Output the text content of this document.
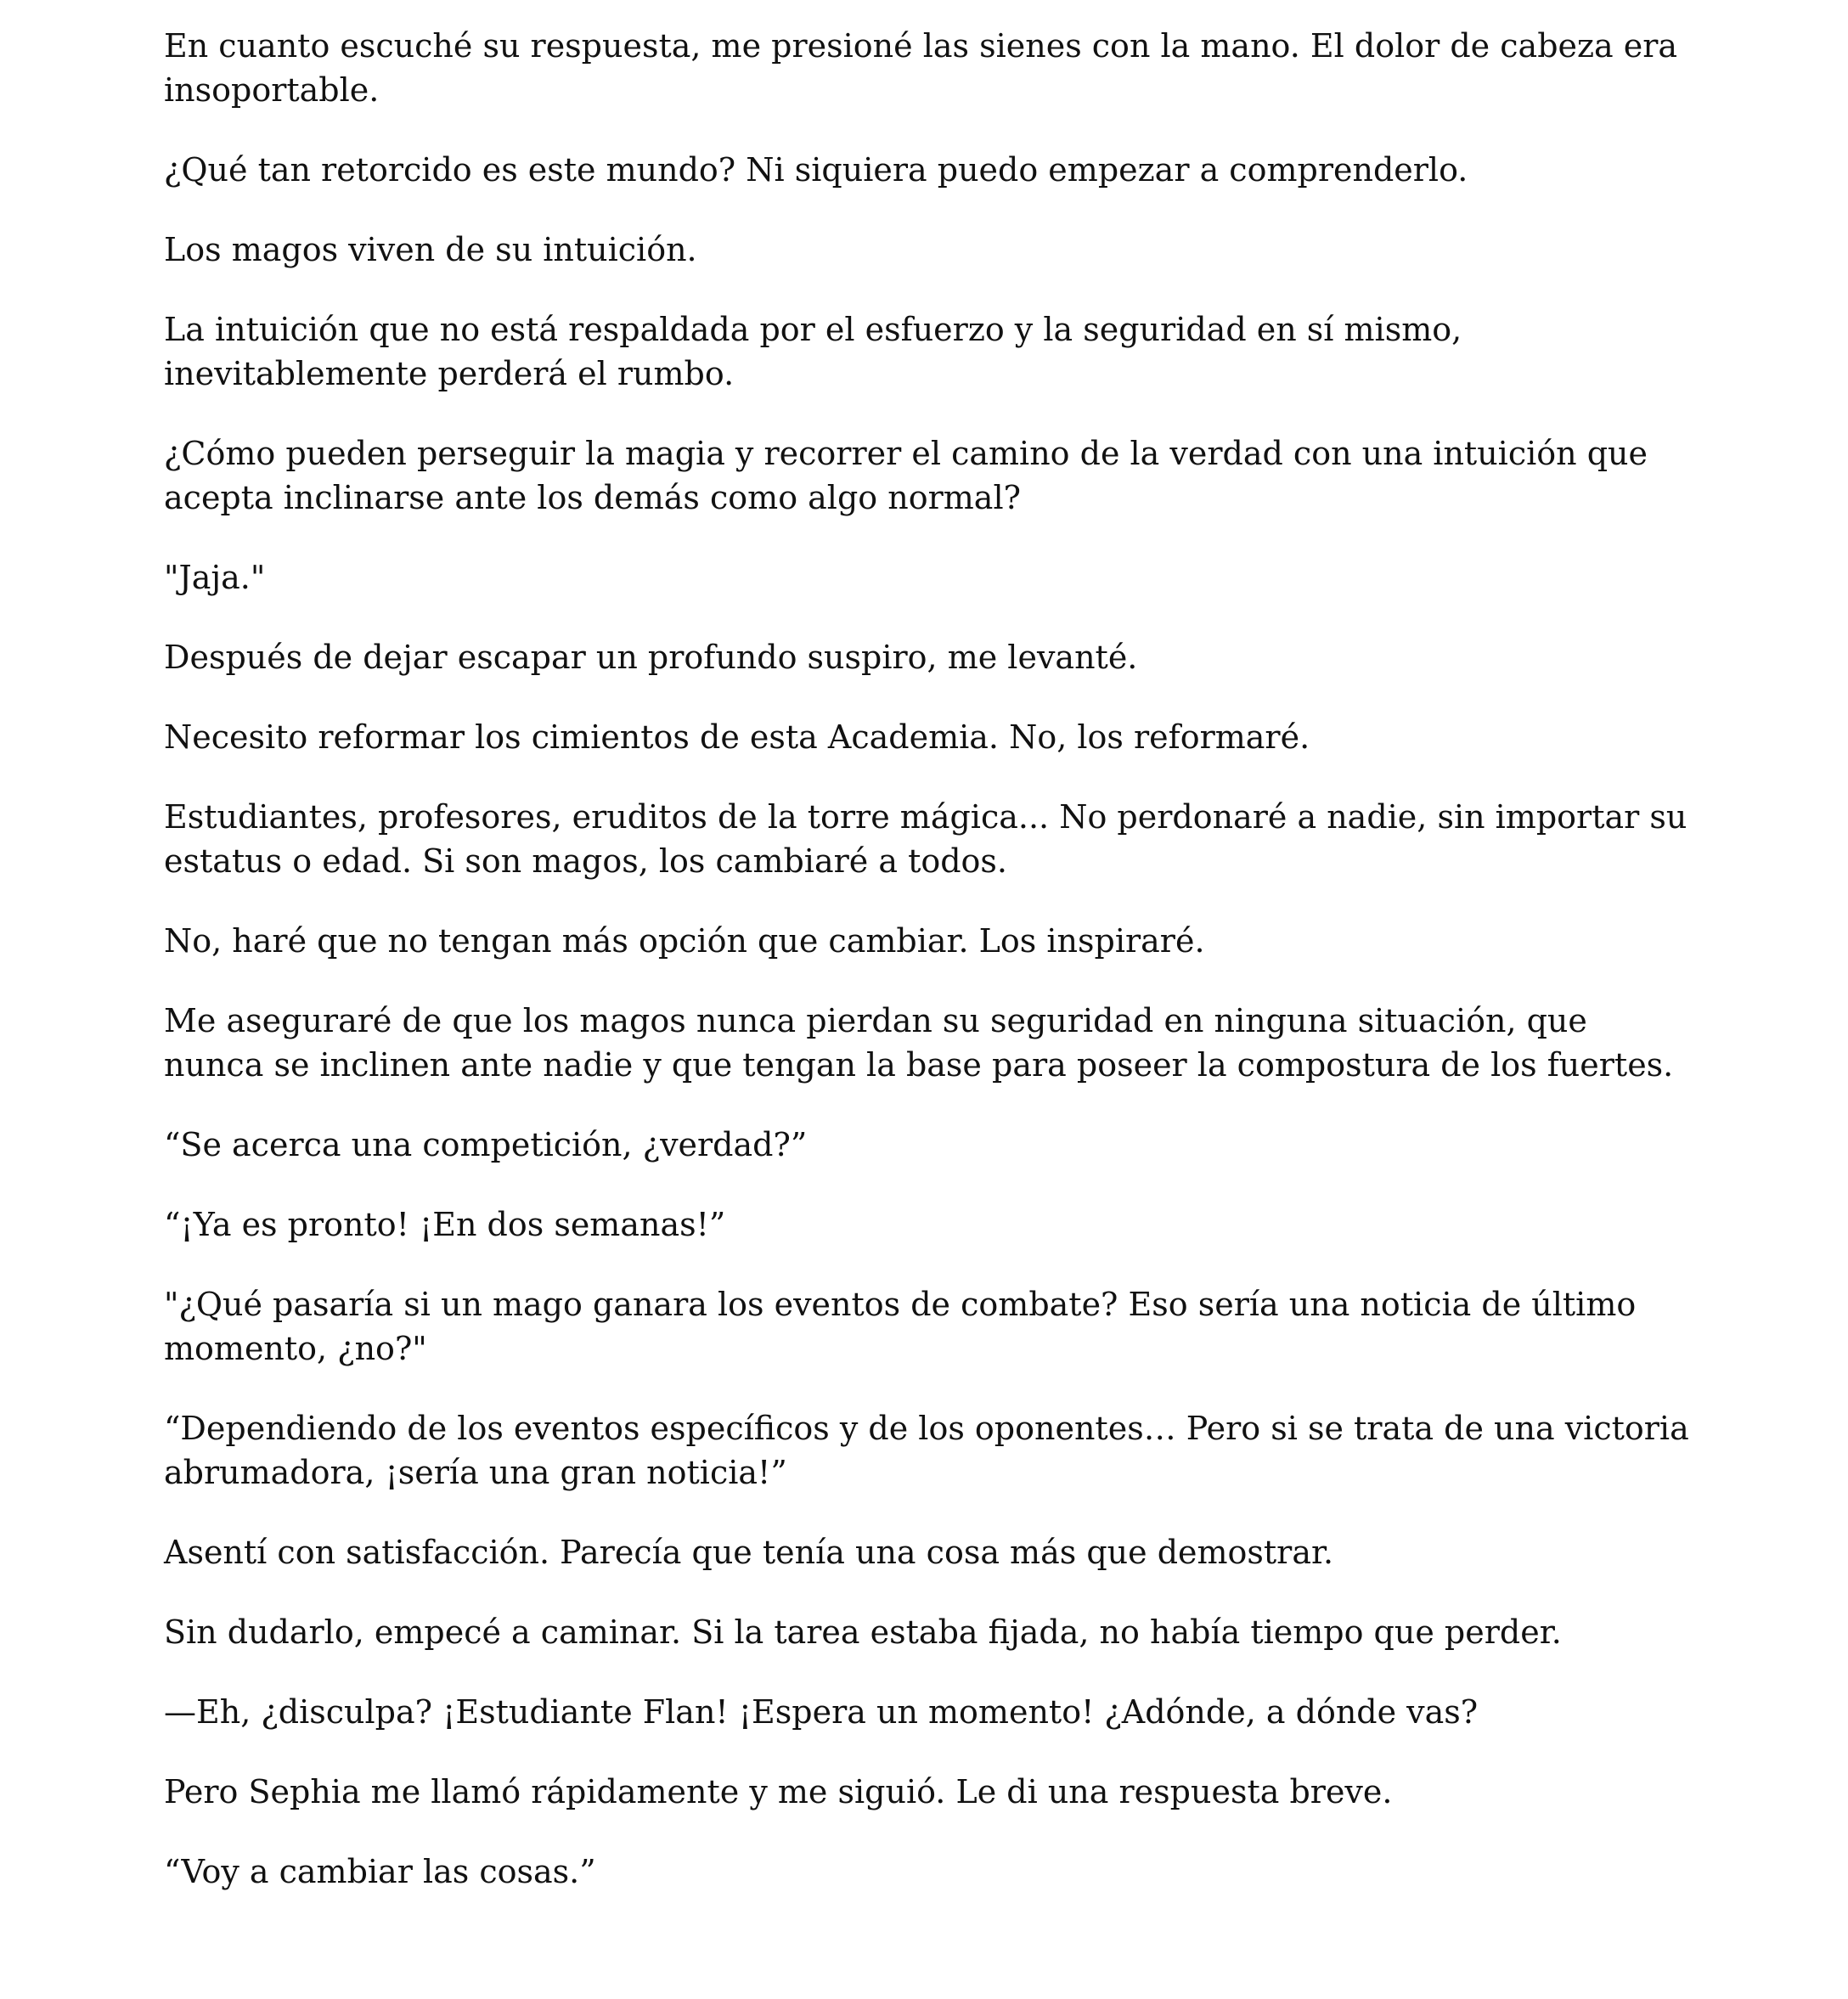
En cuanto escuché su respuesta, me presioné las sienes con la mano. El dolor de cabeza era insoportable.

¿Qué tan retorcido es este mundo? Ni siquiera puedo empezar a comprenderlo.

Los magos viven de su intuición.

La intuición que no está respaldada por el esfuerzo y la seguridad en sí mismo, inevitablemente perderá el rumbo.

¿Cómo pueden perseguir la magia y recorrer el camino de la verdad con una intuición que acepta inclinarse ante los demás como algo normal?

"Jaja."

Después de dejar escapar un profundo suspiro, me levanté.

Necesito reformar los cimientos de esta Academia. No, los reformaré.

Estudiantes, profesores, eruditos de la torre mágica... No perdonaré a nadie, sin importar su estatus o edad. Si son magos, los cambiaré a todos.

No, haré que no tengan más opción que cambiar. Los inspiraré.

Me aseguraré de que los magos nunca pierdan su seguridad en ninguna situación, que nunca se inclinen ante nadie y que tengan la base para poseer la compostura de los fuertes.

“Se acerca una competición, ¿verdad?”

“¡Ya es pronto! ¡En dos semanas!”

"¿Qué pasaría si un mago ganara los eventos de combate? Eso sería una noticia de último momento, ¿no?"

“Dependiendo de los eventos específicos y de los oponentes… Pero si se trata de una victoria abrumadora, ¡sería una gran noticia!”

Asentí con satisfacción. Parecía que tenía una cosa más que demostrar.

Sin dudarlo, empecé a caminar. Si la tarea estaba fijada, no había tiempo que perder.

—Eh, ¿disculpa? ¡Estudiante Flan! ¡Espera un momento! ¿Adónde, a dónde vas?

Pero Sephia me llamó rápidamente y me siguió. Le di una respuesta breve.

“Voy a cambiar las cosas.”
